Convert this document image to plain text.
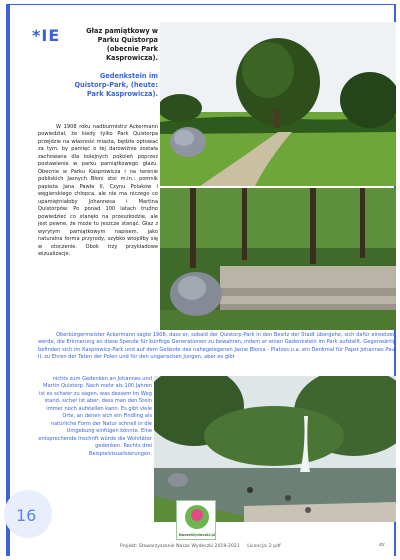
*IE	Głaz pamiątkowy w Parku Quistorpa (obecnie Park Kasprowicza).
Gedenkstein im Quistorp-Park, (heute: Park Kasprowicza).

W 1908 roku nadburmistrz Ackermann powiedział, że kiedy tylko Park Quistorpa przejdzie na własność miasta, będzie optować za tym, by pamięć o tej darowiźnie została zachowana dla kolejnych pokoleń poprzez postawienie w parku pamiątkowego głazu. Obecnie w Parku Kasprowicza i na terenie pobliskich Jasnych Błoni stoi m.in.: pomnik papieża Jana Pawła II, Czynu Polaków i węgierskiego chłopca, ale nie ma niczego co upamiętniałoby Johannesa i Martina Quistorpów. Po ponad 100 latach trudno powiedzieć co stanęło na przeszkodzie, ale jest pewne, że może tu jeszcze stanąć. Głaz z wyrytym pamiątkowym napisem, jako naturalna forma przyrody, szybko wtopiłby się w otoczenie. Obok trzy przykładowe wizualizacje.

Oberbürgermeister Ackermann sagte 1908, dass er, sobald der Quistorp-Park in den Besitz der Stadt übergehe, sich dafür einsetzen werde, die Erinnerung an diese Spende für künftige Generationen zu bewahren, indem er einen Gedenkstein im Park aufstellt. Gegenwärtig befinden sich im Kasprowicz-Park und auf dem Gelände des nahegelegenen Jasne Błonia - Platzes u.a. ein Denkmal für Papst Johannes Paul II, zu Ehren der Taten der Polen und für den ungarischen Jungen, aber es gibt
nichts zum Gedenken an Johannes und Martin Quistorp. Nach mehr als 100 Jahren ist es schwer zu sagen, was dessem im Weg stand, sicher ist aber, dass man den Stein immer noch aufstellen kann. Es gibt viele Orte, an denen sich ein Findling als natürliche Form der Natur schnell in die Umgebung einfügen könnte. Eine entsprechende Inschrift würde die Wohltäter gedenken. Rechts drei Beispielvisualisierungen.
16
NaszeWydeczki.pl
Projekt: Stowarzyszenie Nasze Wydeczki 2019-2021 Licencja: 2 pdf	str.
